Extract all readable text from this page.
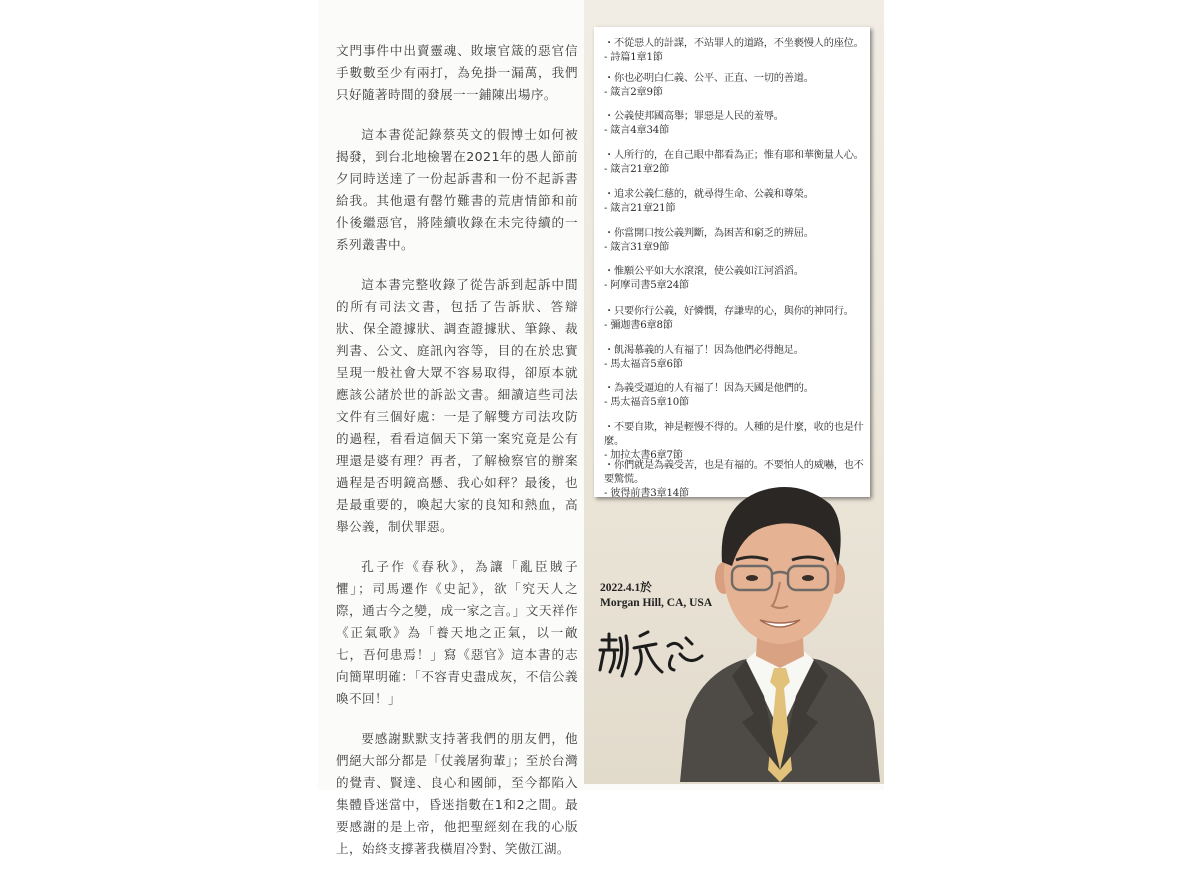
文門事件中出賣靈魂、敗壞官箴的惡官信手數數至少有兩打，為免掛一漏萬，我們只好隨著時間的發展一一鋪陳出場序。

這本書從記錄蔡英文的假博士如何被揭發，到台北地檢署在2021年的愚人節前夕同時送達了一份起訴書和一份不起訴書給我。其他還有罄竹難書的荒唐情節和前仆後繼惡官，將陸續收錄在未完待續的一系列叢書中。

這本書完整收錄了從告訴到起訴中間的所有司法文書，包括了告訴狀、答辯狀、保全證據狀、調查證據狀、筆錄、裁判書、公文、庭訊內容等，目的在於忠實呈現一般社會大眾不容易取得，卻原本就應該公諸於世的訴訟文書。細讀這些司法文件有三個好處：一是了解雙方司法攻防的過程，看看這個天下第一案究竟是公有理還是婆有理？再者，了解檢察官的辦案過程是否明鏡高懸、我心如秤？最後，也是最重要的，喚起大家的良知和熱血，高舉公義，制伏罪惡。

孔子作《春秋》，為讓「亂臣賊子懼」；司馬遷作《史記》，欲「究天人之際，通古今之變，成一家之言。」文天祥作《正氣歌》為「養天地之正氣，以一敵七，吾何患焉！」寫《惡官》這本書的志向簡單明確：「不容青史盡成灰，不信公義喚不回！」

要感謝默默支持著我們的朋友們，他們絕大部分都是「仗義屠狗輩」；至於台灣的覺青、賢達、良心和國師，至今都陷入集體昏迷當中，昏迷指數在1和2之間。最要感謝的是上帝，他把聖經刻在我的心版上，始終支撐著我橫眉冷對、笑傲江湖。

・不從惡人的計謀，不站罪人的道路，不坐褻慢人的座位。
- 詩篇1章1節
・你也必明白仁義、公平、正直、一切的善道。
- 箴言2章9節
・公義使邦國高舉；罪惡是人民的羞辱。
- 箴言4章34節
・人所行的，在自己眼中都看為正；惟有耶和華衡量人心。
- 箴言21章2節
・追求公義仁慈的，就尋得生命、公義和尊榮。
- 箴言21章21節
・你當開口按公義判斷，為困苦和窮乏的辨屈。
- 箴言31章9節
・惟願公平如大水滾滾，使公義如江河滔滔。
- 阿摩司書5章24節
・只要你行公義，好憐憫，存謙卑的心，與你的神同行。
- 彌迦書6章8節
・飢渴慕義的人有福了！因為他們必得飽足。
- 馬太福音5章6節
・為義受逼迫的人有福了！因為天國是他們的。
- 馬太福音5章10節
・不要自欺，神是輕慢不得的。人種的是什麼，收的也是什麼。
- 加拉太書6章7節
・你們就是為義受苦，也是有福的。不要怕人的威嚇，也不要驚慌。
- 彼得前書3章14節
2022.4.1於
Morgan Hill, CA, USA
